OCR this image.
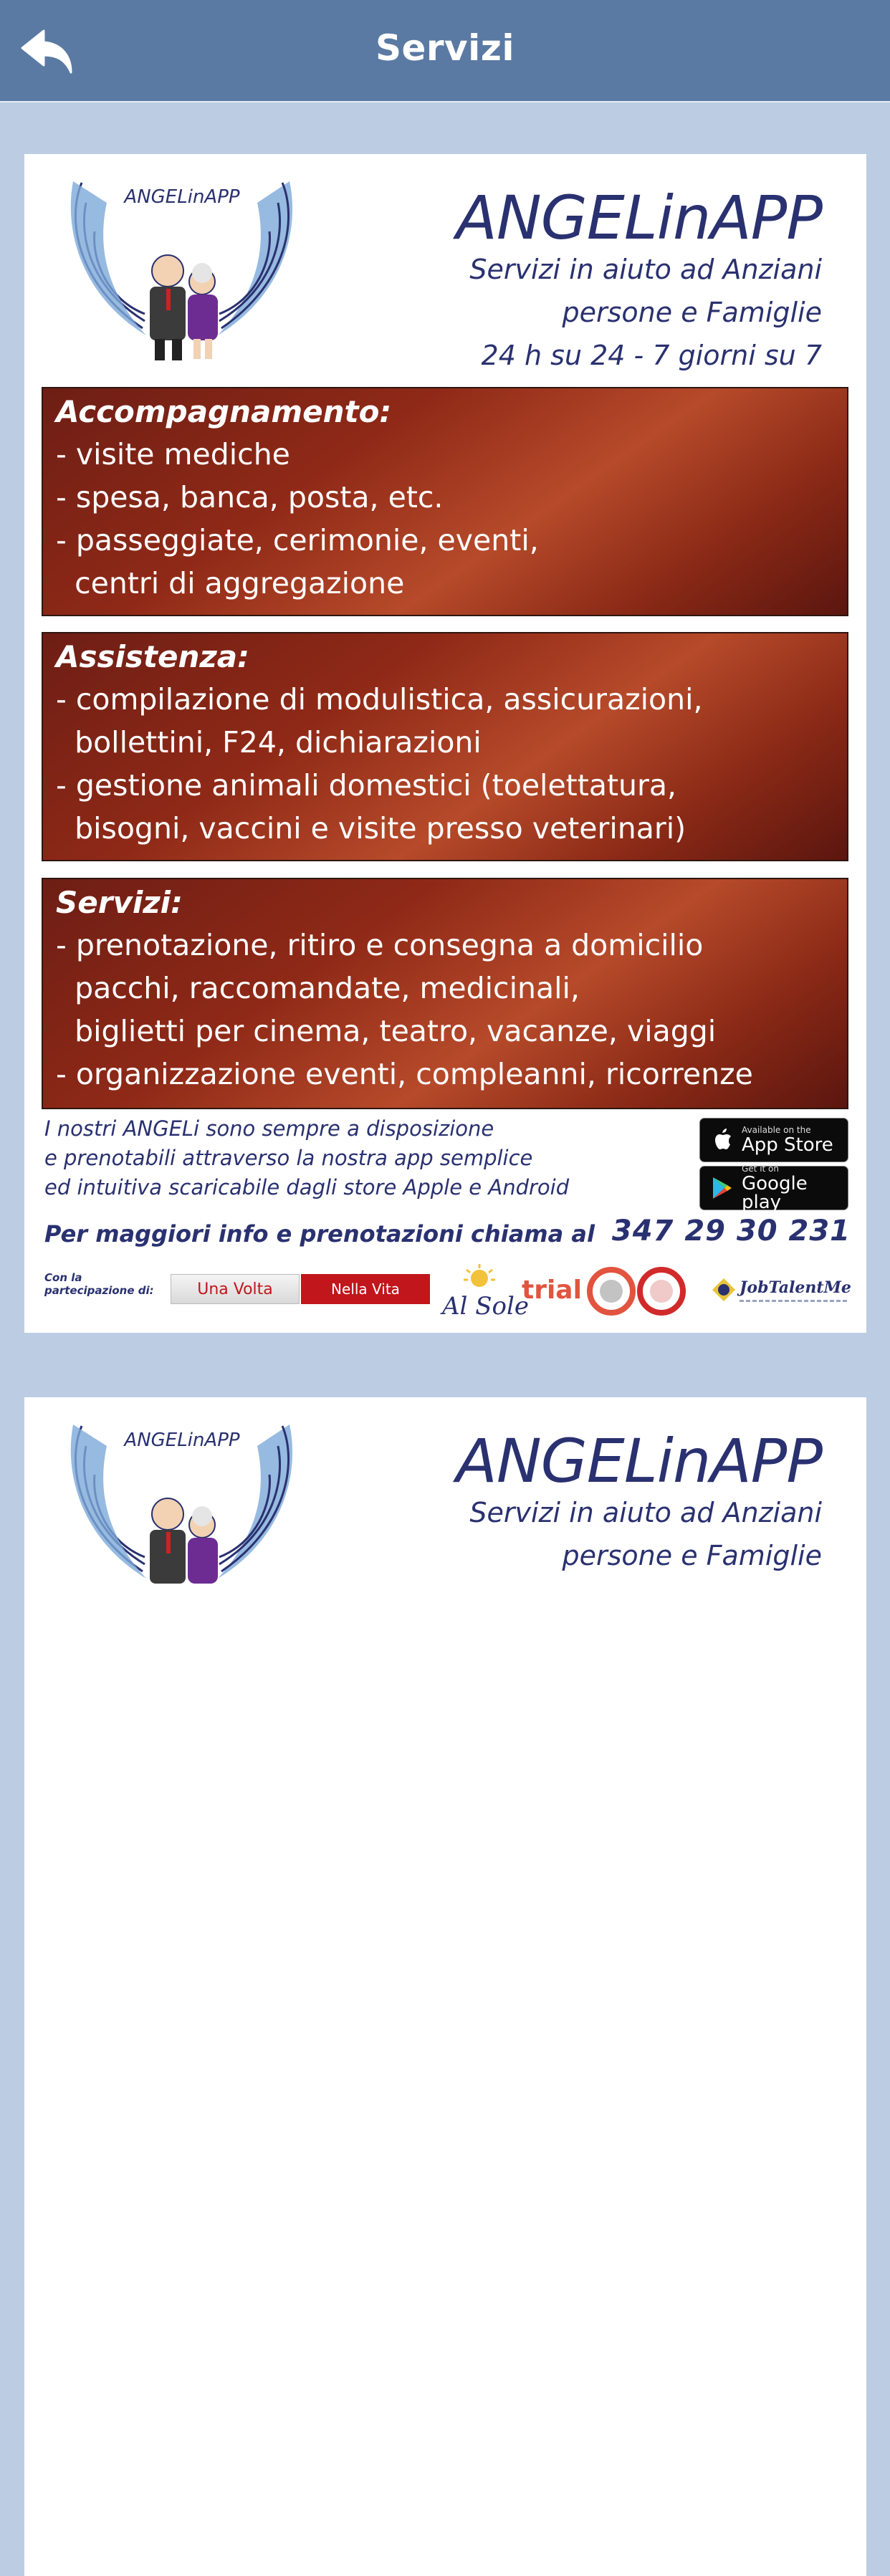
Servizi
ANGELinAPP	ANGELinAPP
Servizi in aiuto ad Anziani
persone e Famiglie
24 h su 24 - 7 giorni su 7
Accompagnamento:
- visite mediche
- spesa, banca, posta, etc.
- passeggiate, cerimonie, eventi,
centri di aggregazione
Assistenza:
- compilazione di modulistica, assicurazioni,
bollettini, F24, dichiarazioni
- gestione animali domestici (toelettatura,
bisogni, vaccini e visite presso veterinari)
Servizi:
- prenotazione, ritiro e consegna a domicilio
pacchi, raccomandate, medicinali,
biglietti per cinema, teatro, vacanze, viaggi
- organizzazione eventi, compleanni, ricorrenze
I nostri ANGELi sono sempre a disposizione
e prenotabili attraverso la nostra app semplice
ed intuitiva scaricabile dagli store Apple e Android
Available on the
App Store
Get it on
Google play
Per maggiori info e prenotazioni chiama al 347 29 30 231
Con la partecipazione di:	Una Volta	Nella Vita
Al Sole
trial	JobTalentMe
ANGELinAPP	ANGELinAPP
Servizi in aiuto ad Anziani
persone e Famiglie
